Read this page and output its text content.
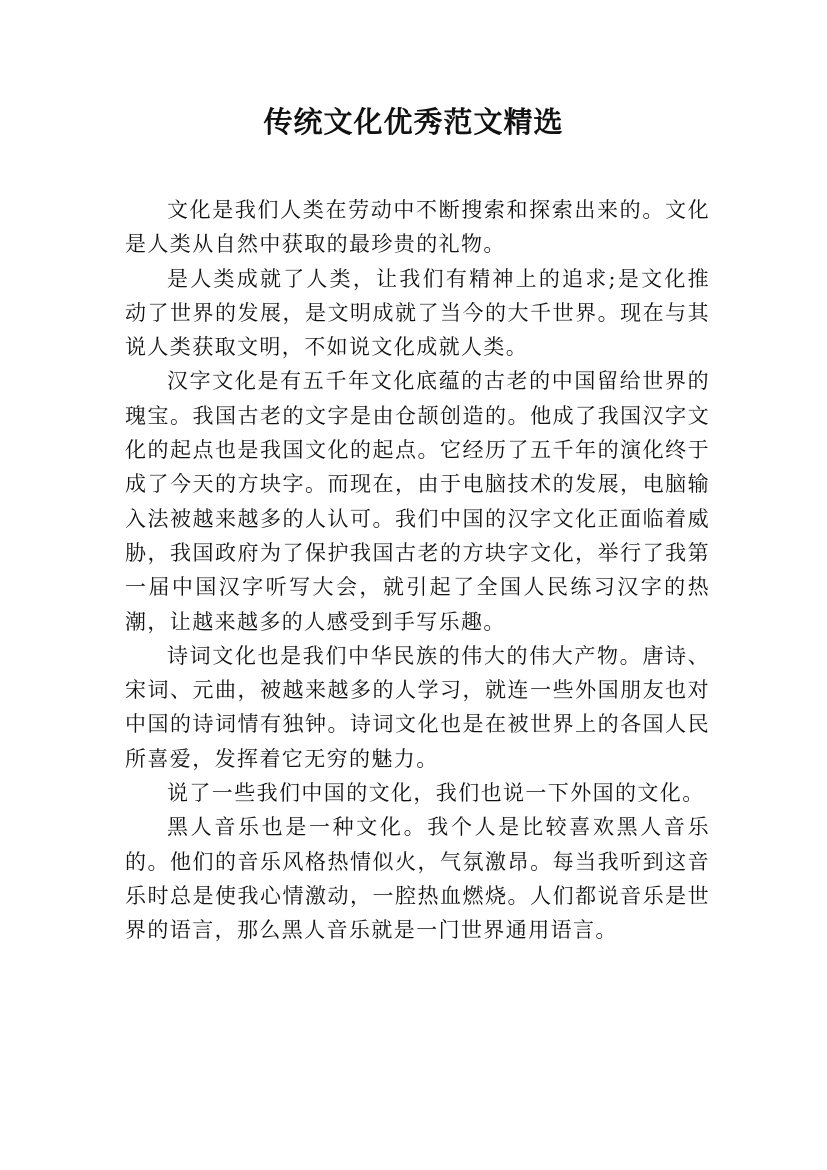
传统文化优秀范文精选

文化是我们人类在劳动中不断搜索和探索出来的。文化是人类从自然中获取的最珍贵的礼物。

是人类成就了人类，让我们有精神上的追求;是文化推动了世界的发展，是文明成就了当今的大千世界。现在与其说人类获取文明，不如说文化成就人类。

汉字文化是有五千年文化底蕴的古老的中国留给世界的瑰宝。我国古老的文字是由仓颉创造的。他成了我国汉字文化的起点也是我国文化的起点。它经历了五千年的演化终于成了今天的方块字。而现在，由于电脑技术的发展，电脑输入法被越来越多的人认可。我们中国的汉字文化正面临着威胁，我国政府为了保护我国古老的方块字文化，举行了我第一届中国汉字听写大会，就引起了全国人民练习汉字的热潮，让越来越多的人感受到手写乐趣。

诗词文化也是我们中华民族的伟大的伟大产物。唐诗、宋词、元曲，被越来越多的人学习，就连一些外国朋友也对中国的诗词情有独钟。诗词文化也是在被世界上的各国人民所喜爱，发挥着它无穷的魅力。

说了一些我们中国的文化，我们也说一下外国的文化。

黑人音乐也是一种文化。我个人是比较喜欢黑人音乐的。他们的音乐风格热情似火，气氛激昂。每当我听到这音乐时总是使我心情激动，一腔热血燃烧。人们都说音乐是世界的语言，那么黑人音乐就是一门世界通用语言。
